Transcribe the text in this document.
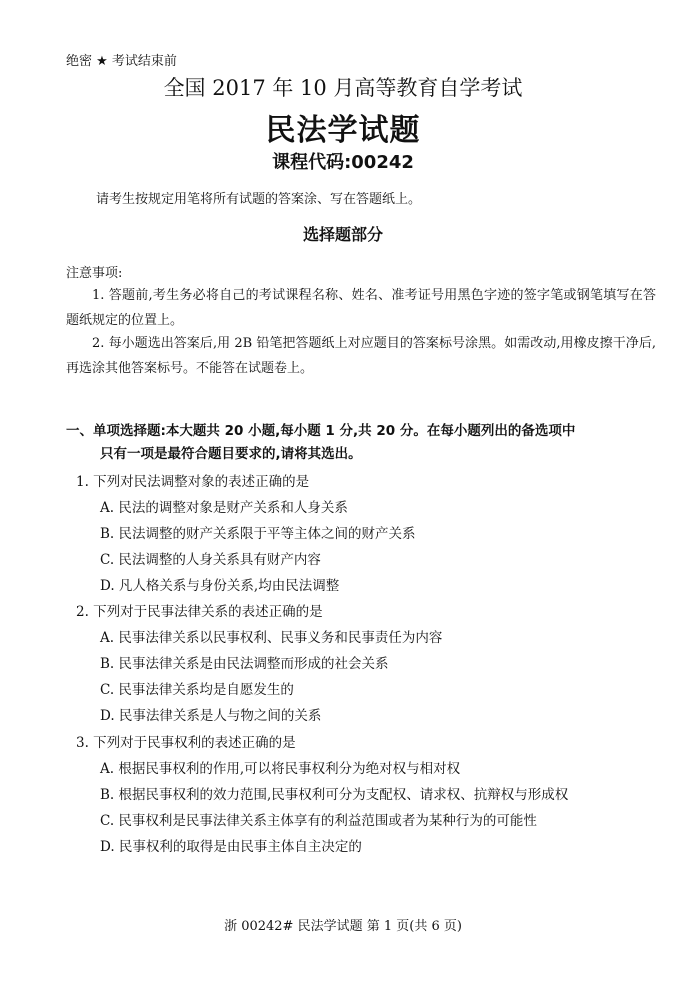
绝密 ★ 考试结束前
全国 2017 年 10 月高等教育自学考试
民法学试题
课程代码:00242
请考生按规定用笔将所有试题的答案涂、写在答题纸上。
选择题部分
注意事项:
1. 答题前,考生务必将自己的考试课程名称、姓名、准考证号用黑色字迹的签字笔或钢笔填写在答题纸规定的位置上。
2. 每小题选出答案后,用 2B 铅笔把答题纸上对应题目的答案标号涂黑。如需改动,用橡皮擦干净后,再选涂其他答案标号。不能答在试题卷上。
一、单项选择题:本大题共 20 小题,每小题 1 分,共 20 分。在每小题列出的备选项中
只有一项是最符合题目要求的,请将其选出。
1. 下列对民法调整对象的表述正确的是
A. 民法的调整对象是财产关系和人身关系
B. 民法调整的财产关系限于平等主体之间的财产关系
C. 民法调整的人身关系具有财产内容
D. 凡人格关系与身份关系,均由民法调整
2. 下列对于民事法律关系的表述正确的是
A. 民事法律关系以民事权利、民事义务和民事责任为内容
B. 民事法律关系是由民法调整而形成的社会关系
C. 民事法律关系均是自愿发生的
D. 民事法律关系是人与物之间的关系
3. 下列对于民事权利的表述正确的是
A. 根据民事权利的作用,可以将民事权利分为绝对权与相对权
B. 根据民事权利的效力范围,民事权利可分为支配权、请求权、抗辩权与形成权
C. 民事权利是民事法律关系主体享有的利益范围或者为某种行为的可能性
D. 民事权利的取得是由民事主体自主决定的
浙 00242# 民法学试题 第 1 页(共 6 页)
